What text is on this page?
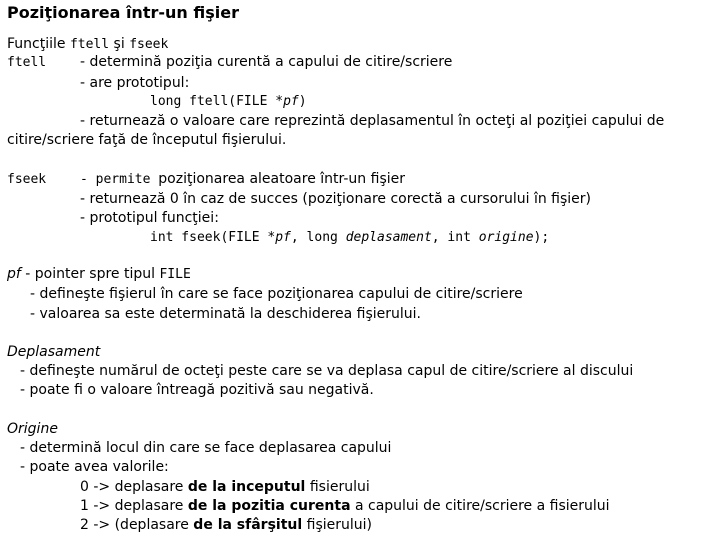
Poziţionarea într-un fişier
Funcţiile ftell şi fseek
ftell - determină poziţia curentă a capului de citire/scriere
- are prototipul:
long ftell(FILE *pf)
- returnează o valoare care reprezintă deplasamentul în octeţi al poziţiei capului de
citire/scriere faţă de începutul fişierului.
fseek	- permite poziţionarea aleatoare într-un fişier
- returnează 0 în caz de succes (poziţionare corectă a cursorului în fişier)
- prototipul funcţiei:
int fseek(FILE *pf, long deplasament, int origine);
pf - pointer spre tipul FILE
- defineşte fişierul în care se face poziţionarea capului de citire/scriere
- valoarea sa este determinată la deschiderea fişierului.
Deplasament
- defineşte numărul de octeţi peste care se va deplasa capul de citire/scriere al discului
- poate fi o valoare întreagă pozitivă sau negativă.
Origine
- determină locul din care se face deplasarea capului
- poate avea valorile:
0 -> deplasare de la inceputul fisierului
1 -> deplasare de la pozitia curenta a capului de citire/scriere a fisierului
2 -> (deplasare de la sfârşitul fişierului)
